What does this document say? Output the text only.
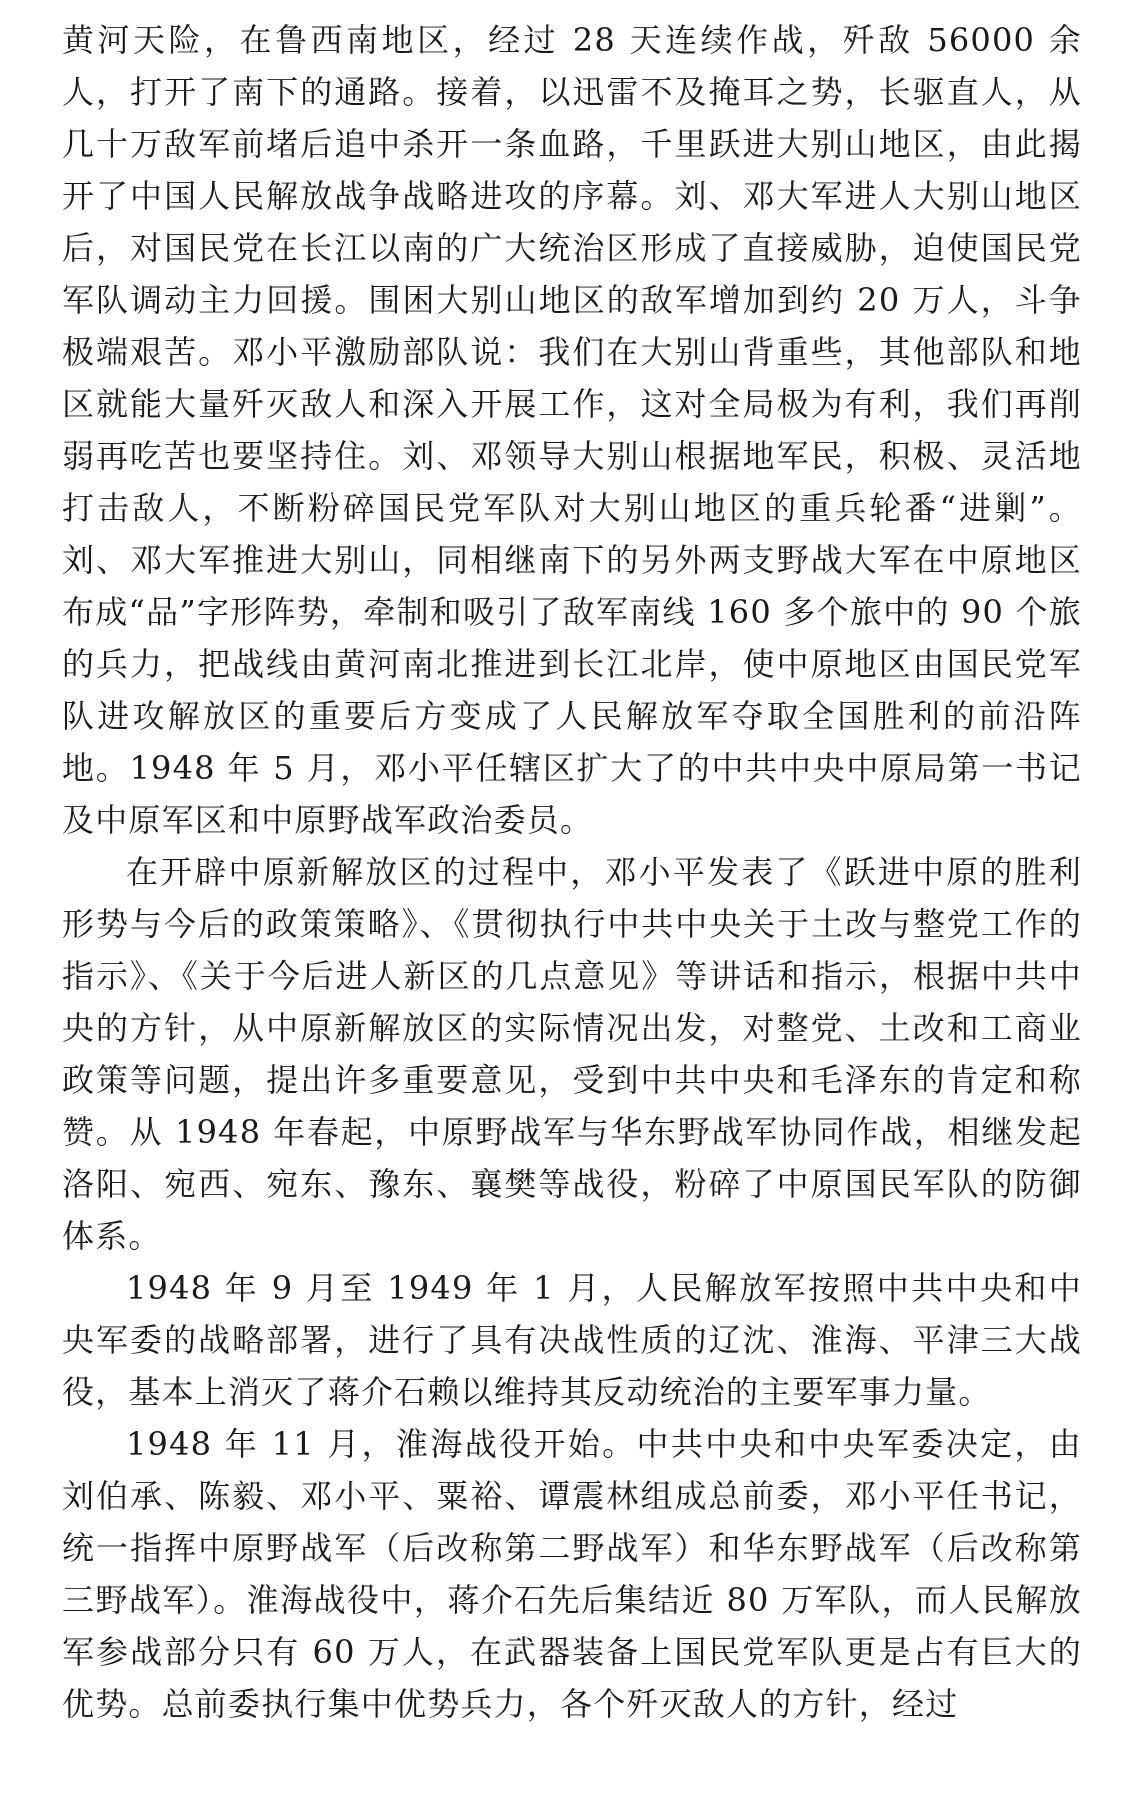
黄河天险，在鲁西南地区，经过 28 天连续作战，歼敌 56000 余人，打开了南下的通路。接着，以迅雷不及掩耳之势，长驱直人，从几十万敌军前堵后追中杀开一条血路，千里跃进大别山地区，由此揭开了中国人民解放战争战略进攻的序幕。刘、邓大军进人大别山地区后，对国民党在长江以南的广大统治区形成了直接威胁，迫使国民党军队调动主力回援。围困大别山地区的敌军增加到约 20 万人，斗争极端艰苦。邓小平激励部队说：我们在大别山背重些，其他部队和地区就能大量歼灭敌人和深入开展工作，这对全局极为有利，我们再削弱再吃苦也要坚持住。刘、邓领导大别山根据地军民，积极、灵活地打击敌人，不断粉碎国民党军队对大别山地区的重兵轮番“进剿”。刘、邓大军推进大别山，同相继南下的另外两支野战大军在中原地区布成“品”字形阵势，牵制和吸引了敌军南线 160 多个旅中的 90 个旅的兵力，把战线由黄河南北推进到长江北岸，使中原地区由国民党军队进攻解放区的重要后方变成了人民解放军夺取全国胜利的前沿阵地。1948 年 5 月，邓小平任辖区扩大了的中共中央中原局第一书记及中原军区和中原野战军政治委员。

在开辟中原新解放区的过程中，邓小平发表了《跃进中原的胜利形势与今后的政策策略》、《贯彻执行中共中央关于土改与整党工作的指示》、《关于今后进人新区的几点意见》等讲话和指示，根据中共中央的方针，从中原新解放区的实际情况出发，对整党、土改和工商业政策等问题，提出许多重要意见，受到中共中央和毛泽东的肯定和称赞。从 1948 年春起，中原野战军与华东野战军协同作战，相继发起洛阳、宛西、宛东、豫东、襄樊等战役，粉碎了中原国民军队的防御体系。

1948 年 9 月至 1949 年 1 月，人民解放军按照中共中央和中央军委的战略部署，进行了具有决战性质的辽沈、淮海、平津三大战役，基本上消灭了蒋介石赖以维持其反动统治的主要军事力量。

1948 年 11 月，淮海战役开始。中共中央和中央军委决定，由刘伯承、陈毅、邓小平、粟裕、谭震林组成总前委，邓小平任书记，统一指挥中原野战军（后改称第二野战军）和华东野战军（后改称第三野战军）。淮海战役中，蒋介石先后集结近 80 万军队，而人民解放军参战部分只有 60 万人，在武器装备上国民党军队更是占有巨大的优势。总前委执行集中优势兵力，各个歼灭敌人的方针，经过
